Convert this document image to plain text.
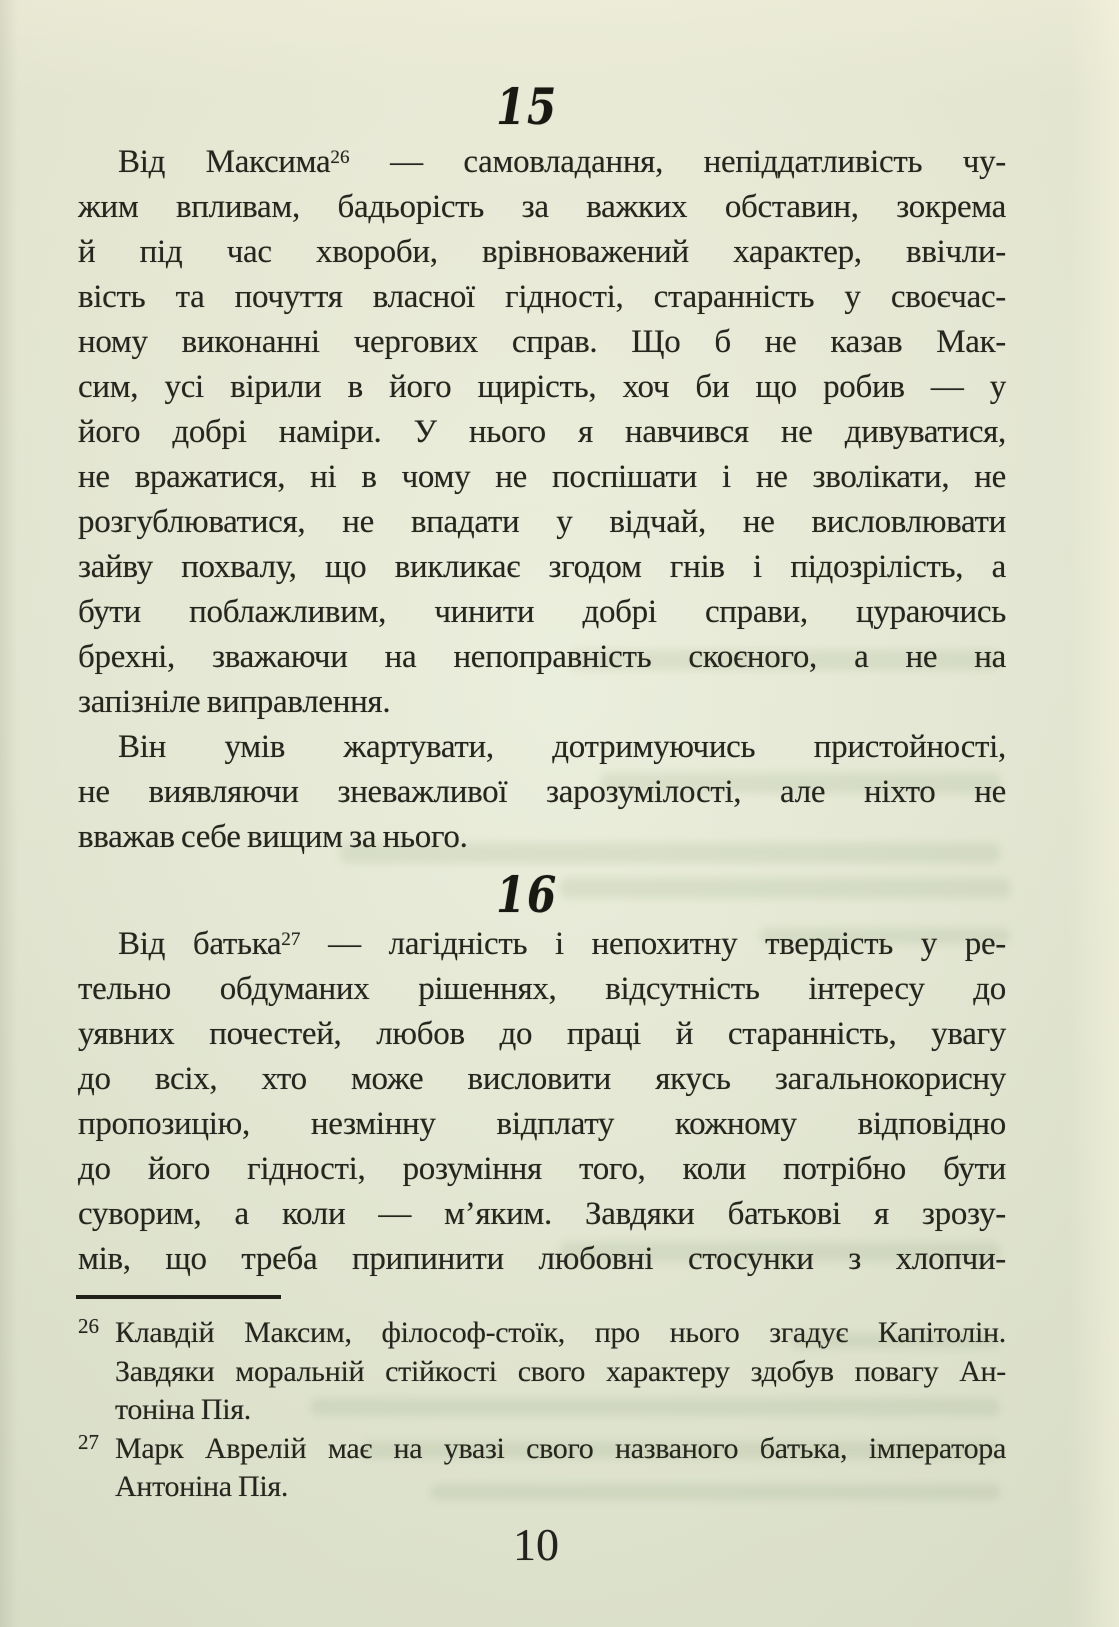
15
Від Максима$^{26}$ — самовладання, непіддатливість чу-
жим впливам, бадьорість за важких обставин, зокрема
й під час хвороби, врівноважений характер, ввічли-
вість та почуття власної гідності, старанність у своєчас-
ному виконанні чергових справ. Що б не казав Мак-
сим, усі вірили в його щирість, хоч би що робив — у
його добрі наміри. У нього я навчився не дивуватися,
не вражатися, ні в чому не поспішати і не зволікати, не
розгублюватися, не впадати у відчай, не висловлювати
зайву похвалу, що викликає згодом гнів і підозрілість, а
бути поблажливим, чинити добрі справи, цураючись
брехні, зважаючи на непоправність скоєного, а не на
запізніле виправлення.
Він умів жартувати, дотримуючись пристойності,
не виявляючи зневажливої зарозумілості, але ніхто не
вважав себе вищим за нього.
16
Від батька$^{27}$ — лагідність і непохитну твердість у ре-
тельно обдуманих рішеннях, відсутність інтересу до
уявних почестей, любов до праці й старанність, увагу
до всіх, хто може висловити якусь загальнокорисну
пропозицію, незмінну відплату кожному відповідно
до його гідності, розуміння того, коли потрібно бути
суворим, а коли — м’яким. Завдяки батькові я зрозу-
мів, що треба припинити любовні стосунки з хлопчи-
$^{26}$ Клавдій Максим, філософ-стоїк, про нього згадує Капітолін.
Завдяки моральній стійкості свого характеру здобув повагу Ан-
тоніна Пія.
$^{27}$ Марк Аврелій має на увазі свого названого батька, імператора
Антоніна Пія.
10
